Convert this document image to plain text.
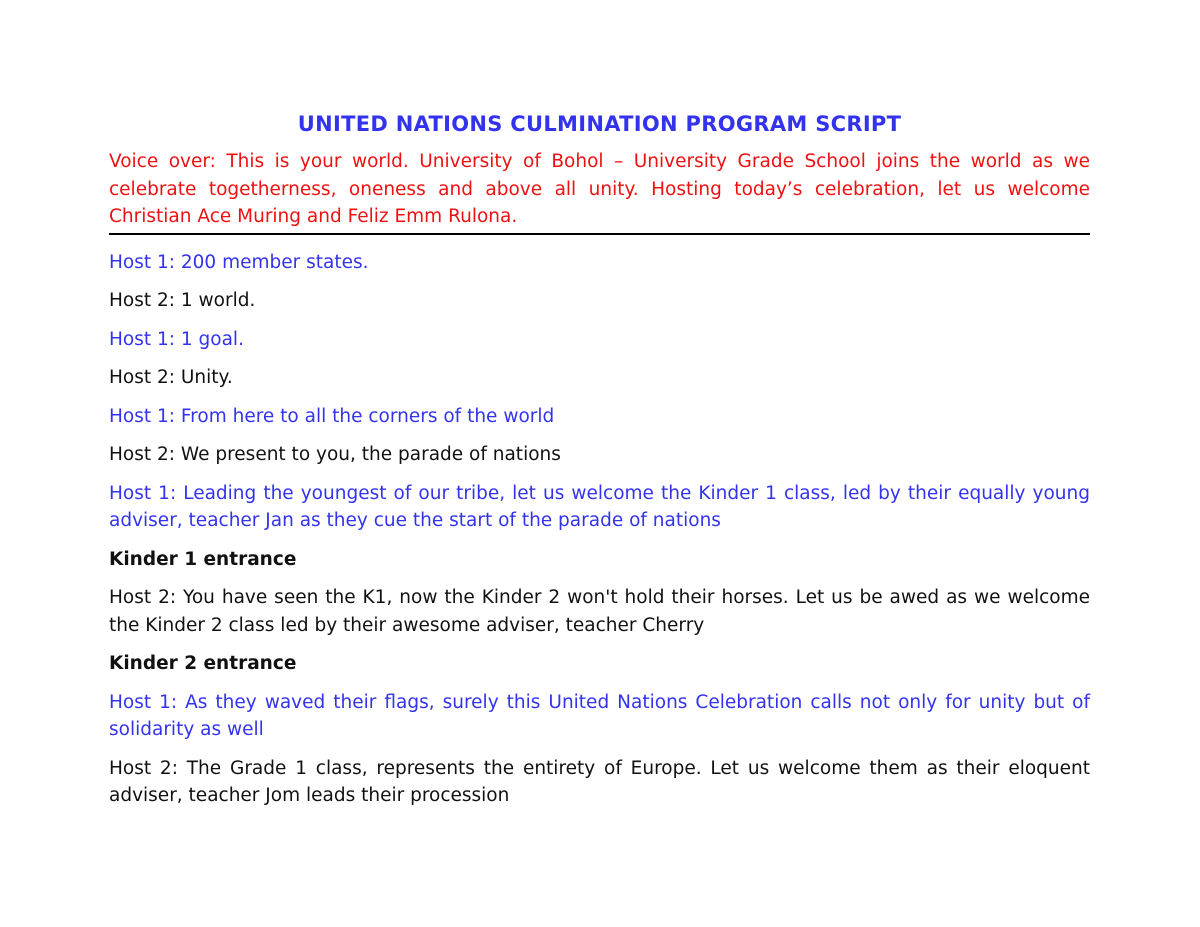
UNITED NATIONS CULMINATION PROGRAM SCRIPT
Voice over: This is your world. University of Bohol – University Grade School joins the world as we celebrate togetherness, oneness and above all unity. Hosting today’s celebration, let us welcome Christian Ace Muring and Feliz Emm Rulona.
Host 1: 200 member states.
Host 2: 1 world.
Host 1: 1 goal.
Host 2: Unity.
Host 1: From here to all the corners of the world
Host 2: We present to you, the parade of nations
Host 1: Leading the youngest of our tribe, let us welcome the Kinder 1 class, led by their equally young adviser, teacher Jan as they cue the start of the parade of nations
Kinder 1 entrance
Host 2: You have seen the K1, now the Kinder 2 won't hold their horses. Let us be awed as we welcome the Kinder 2 class led by their awesome adviser, teacher Cherry
Kinder 2 entrance
Host 1: As they waved their flags, surely this United Nations Celebration calls not only for unity but of solidarity as well
Host 2: The Grade 1 class, represents the entirety of Europe. Let us welcome them as their eloquent adviser, teacher Jom leads their procession
